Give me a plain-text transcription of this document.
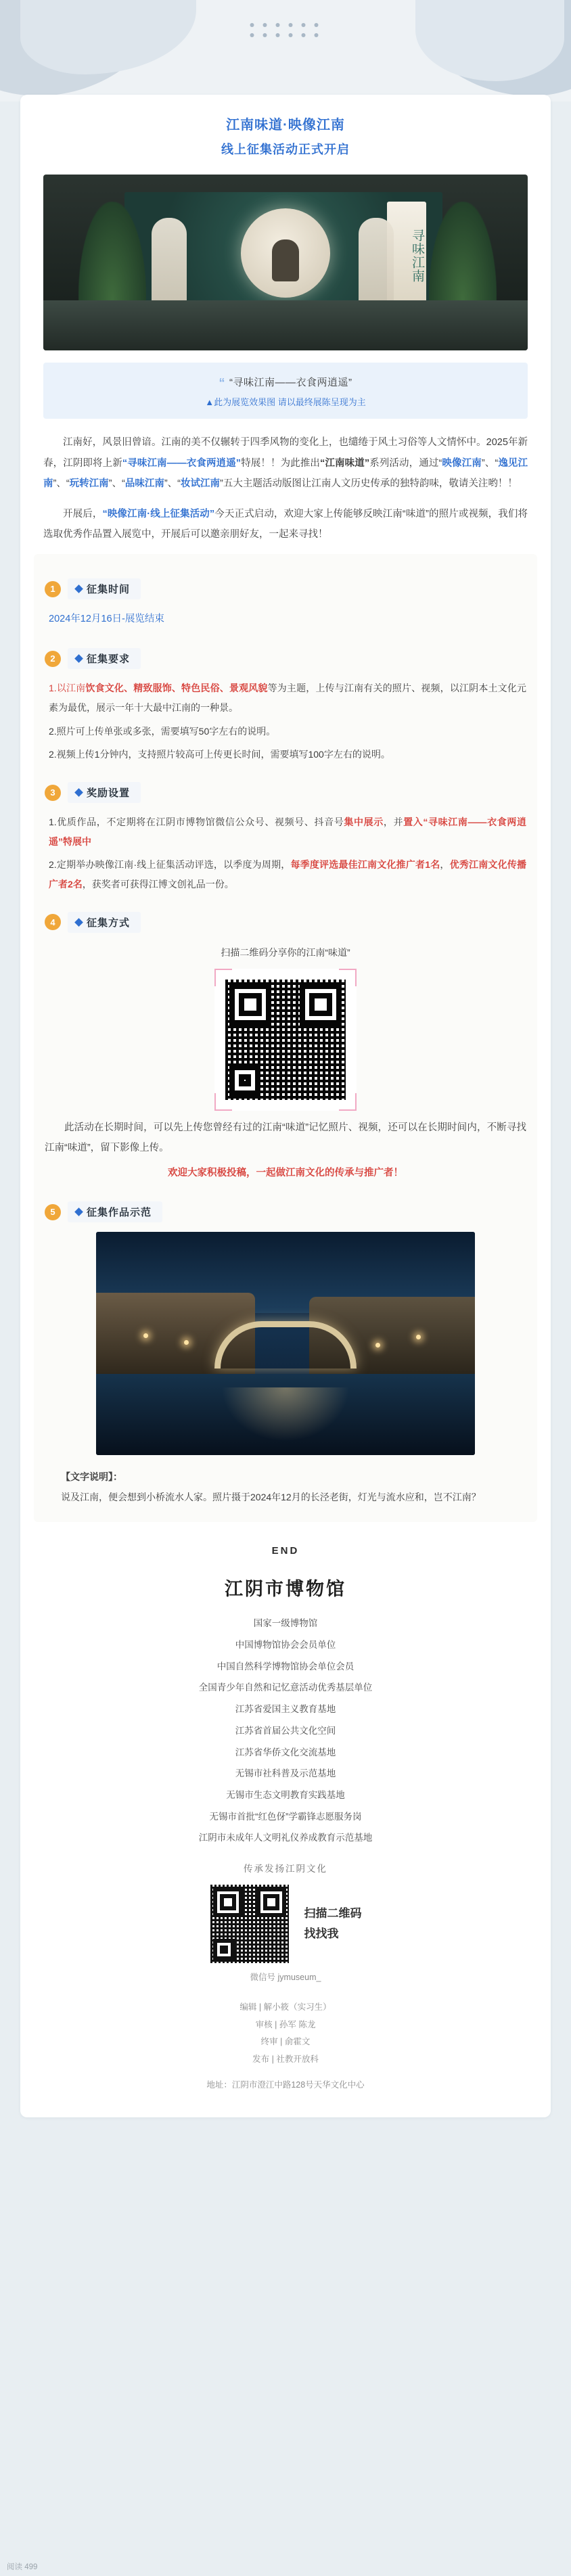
江南味道·映像江南
线上征集活动正式开启
寻味江南
“ “寻味江南——衣食两逍遥”
▲此为展览效果图 请以最终展陈呈现为主

江南好，风景旧曾谙。江南的美不仅辗转于四季风物的变化上，也缱绻于风土习俗等人文情怀中。2025年新春，江阴即将上新“寻味江南——衣食两逍遥”特展！！为此推出“江南味道”系列活动，通过“映像江南”、“逸见江南”、“玩转江南”、“品味江南”、“妆试江南”五大主题活动版图让江南人文历史传承的独特韵味，敬请关注哟！！

开展后，“映像江南·线上征集活动”今天正式启动，欢迎大家上传能够反映江南“味道”的照片或视频，我们将选取优秀作品置入展览中，开展后可以邀亲朋好友，一起来寻找！

1	征集时间
2024年12月16日-展览结束
2	征集要求
1.以江南饮食文化、精致服饰、特色民俗、景观风貌等为主题，上传与江南有关的照片、视频，以江阴本土文化元素为最优，展示一年十大最中江南的一种景。
2.照片可上传单张或多张，需要填写50字左右的说明。
2.视频上传1分钟内，支持照片较高可上传更长时间，需要填写100字左右的说明。
3	奖励设置
1.优质作品，不定期将在江阴市博物馆微信公众号、视频号、抖音号集中展示，并置入“寻味江南——衣食两逍遥”特展中
2.定期举办映像江南·线上征集活动评选，以季度为周期，每季度评选最佳江南文化推广者1名，优秀江南文化传播广者2名，获奖者可获得江博文创礼品一份。
4	征集方式
扫描二维码分享你的江南“味道”
此活动在长期时间，可以先上传您曾经有过的江南“味道”记忆照片、视频，还可以在长期时间内，不断寻找江南“味道”，留下影像上传。
欢迎大家积极投稿，一起做江南文化的传承与推广者！
5	征集作品示范
【文字说明】：
说及江南，便会想到小桥流水人家。照片摄于2024年12月的长泾老街，灯光与流水应和，岂不江南？
END
江阴市博物馆
国家一级博物馆
中国博物馆协会会员单位
中国自然科学博物馆协会单位会员
全国青少年自然和记忆意活动优秀基层单位
江苏省爱国主义教育基地
江苏省首届公共文化空间
江苏省华侨文化交流基地
无锡市社科普及示范基地
无锡市生态文明教育实践基地
无锡市首批“红色伢”学霸锋志愿服务岗
江阴市未成年人文明礼仪养成教育示范基地
传承发扬江阴文化
扫描二维码
找找我
微信号 jymuseum_
编辑 | 解小筱（实习生）
审核 | 孙军 陈龙
终审 | 俞霍文
发布 | 社教开放科
地址：江阴市澄江中路128号天华文化中心
阅读 499
